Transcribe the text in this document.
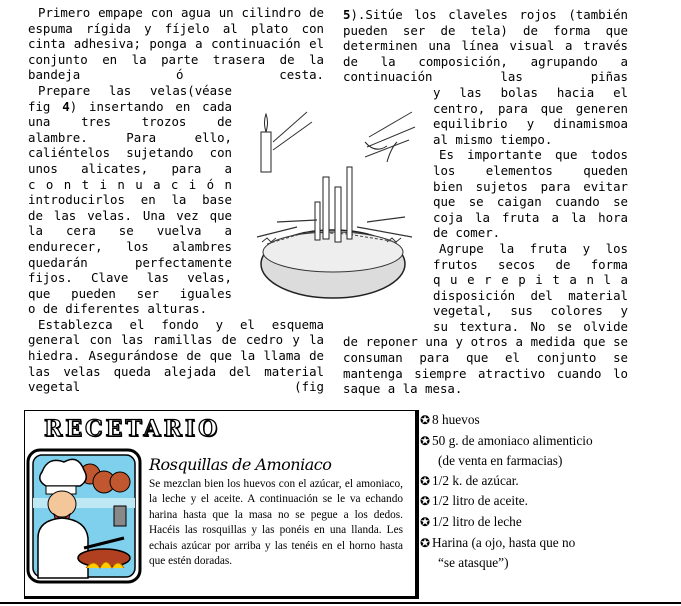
Primero empape con agua un cilindro de espuma rígida y fíjelo al plato con cinta adhesiva; ponga a continuación el conjunto en la parte trasera de la bandeja ó cesta.

Prepare las velas(véase
fig 4) insertando en cada
una tres trozos de
alambre. Para ello,
caliéntelos sujetando con
unos alicates, para a
c o n t i n u a c i ó n
introducirlos en la base
de las velas. Una vez que
la cera se vuelva a
endurecer, los alambres
quedarán perfectamente
fijos. Clave las velas,
que pueden ser iguales
o de diferentes alturas.

Establezca el fondo y el esquema general con las ramillas de cedro y la hiedra. Asegurándose de que la llama de las velas queda alejada del material vegetal (fig

5).Sitúe los claveles rojos (también pueden ser de tela) de forma que determinen una línea visual a través de la composición, agrupando a continuación las piñas

y las bolas hacia el
centro, para que generen
equilibrio y dinamismoa
al mismo tiempo.
Es importante que todos
los elementos queden
bien sujetos para evitar
que se caigan cuando se
coja la fruta a la hora
de comer.
Agrupe la fruta y los
frutos secos de forma
q u e r e p i t a n l a
disposición del material
vegetal, sus colores y
su textura. No se olvide

de reponer una y otros a medida que se consuman para que el conjunto se mantenga siempre atractivo cuando lo saque a la mesa.

RECETARIO
Rosquillas de Amoniaco
Se mezclan bien los huevos con el azúcar, el amoniaco, la leche y el aceite. A continuación se le va echando harina hasta que la masa no se pegue a los dedos. Hacéis las rosquillas y las ponéis en una llanda. Les echais azúcar por arriba y las tenéis en el horno hasta que estén doradas.
✪ 8 huevos
✪ 50 g. de amoniaco alimenticio
(de venta en farmacias)
✪ 1/2 k. de azúcar.
✪ 1/2 litro de aceite.
✪ 1/2 litro de leche
✪ Harina (a ojo, hasta que no
“se atasque”)
